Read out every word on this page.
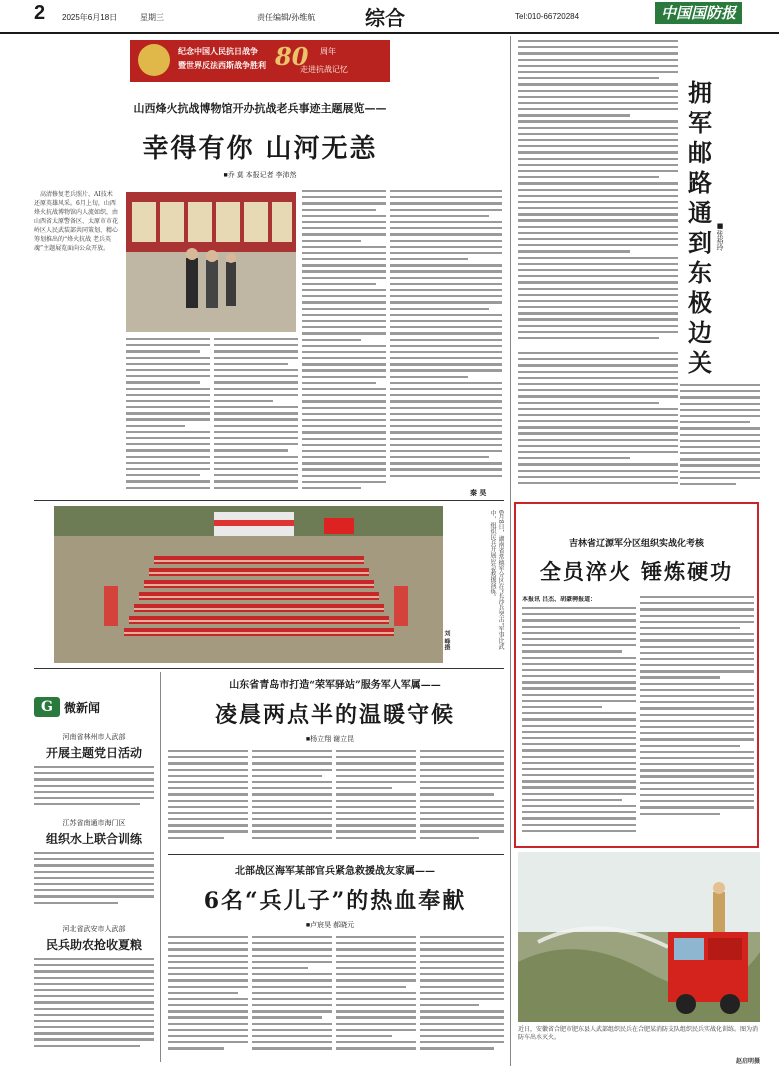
2 2025年6月18日	星期三	责任编辑/孙维航	综合	Tel:010-66720284	中国国防报
纪念中国人民抗日战争
暨世界反法西斯战争胜利 80 周年
走进抗战记忆
山西烽火抗战博物馆开办抗战老兵事迹主题展览——
幸得有你 山河无恙
■乔 莫 本报记者 李沛然

高清修复老兵照片、AI技术还原英雄风采。6月上旬，山西烽火抗战博物馆内人流如织，由山西省太原警备区、太原市市花岭区人民武装部共同策划、精心筹划推出的“烽火抗战 老兵英魂”主题展览面向公众开放。

秦 昊
6月8日，湖南省常德军分区在“长沙兵突击”军事比武中，组织民兵开展应急救援演练。
刘 峰摄
G 微新闻
河南省林州市人武部
开展主题党日活动
江苏省南通市海门区
组织水上联合训练
河北省武安市人武部
民兵助农抢收夏粮
山东省青岛市打造“荣军驿站”服务军人军属——
凌晨两点半的温暖守候
■杨立翔 谢立昆
北部战区海军某部官兵紧急救援战友家属——
6名“兵儿子”的热血奉献
■卢宸昊 郝晓元
拥
军
邮
路
通
到
东
极
边
关
■张裕玲
吉林省辽源军分区组织实战化考核
全员淬火 锤炼硬功
本报讯 吕杰、胡豪骋报道：
近日，安徽省合肥市肥东县人武部组织民兵在合肥某消防支队组织民兵实战化训练。图为消防车出水灭火。
赵启明摄
